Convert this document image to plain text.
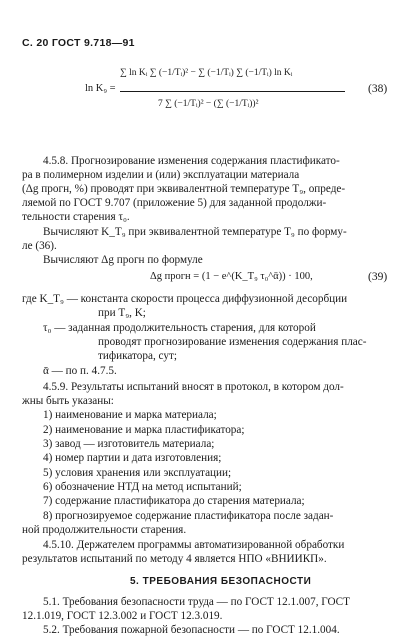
С. 20 ГОСТ 9.718—91
ln K₉ =
∑ ln Kᵢ ∑ (−1/Tᵢ)² − ∑ (−1/Tᵢ) ∑ (−1/Tᵢ) ln Kᵢ
7 ∑ (−1/Tᵢ)² − (∑ (−1/Tᵢ))²
(38)
4.5.8. Прогнозирование изменения содержания пластификато-
ра в полимерном изделии и (или) эксплуатации материала
(Δg прогн, %) проводят при эквивалентной температуре T₉, опреде-
ляемой по ГОСТ 9.707 (приложение 5) для заданной продолжи-
тельности старения τ₀.
Вычисляют K_T₉ при эквивалентной температуре T₉ по форму-
ле (36).
Вычисляют Δg прогн по формуле
Δg прогн = (1 − e^(K_T₉ τ₀^ᾱ)) · 100,	(39)
где K_T₉ — константа скорости процесса диффузионной десорбции
при T₉, K;
τ₀ — заданная продолжительность старения, для которой
проводят прогнозирование изменения содержания плас-
тификатора, сут;
ᾱ — по п. 4.7.5.
4.5.9. Результаты испытаний вносят в протокол, в котором дол-
жны быть указаны:
1) наименование и марка материала;
2) наименование и марка пластификатора;
3) завод — изготовитель материала;
4) номер партии и дата изготовления;
5) условия хранения или эксплуатации;
6) обозначение НТД на метод испытаний;
7) содержание пластификатора до старения материала;
8) прогнозируемое содержание пластификатора после задан-
ной продолжительности старения.
4.5.10. Держателем программы автоматизированной обработки
результатов испытаний по методу 4 является НПО «ВНИИКП».
5. ТРЕБОВАНИЯ БЕЗОПАСНОСТИ
5.1. Требования безопасности труда — по ГОСТ 12.1.007, ГОСТ
12.1.019, ГОСТ 12.3.002 и ГОСТ 12.3.019.
5.2. Требования пожарной безопасности — по ГОСТ 12.1.004.
